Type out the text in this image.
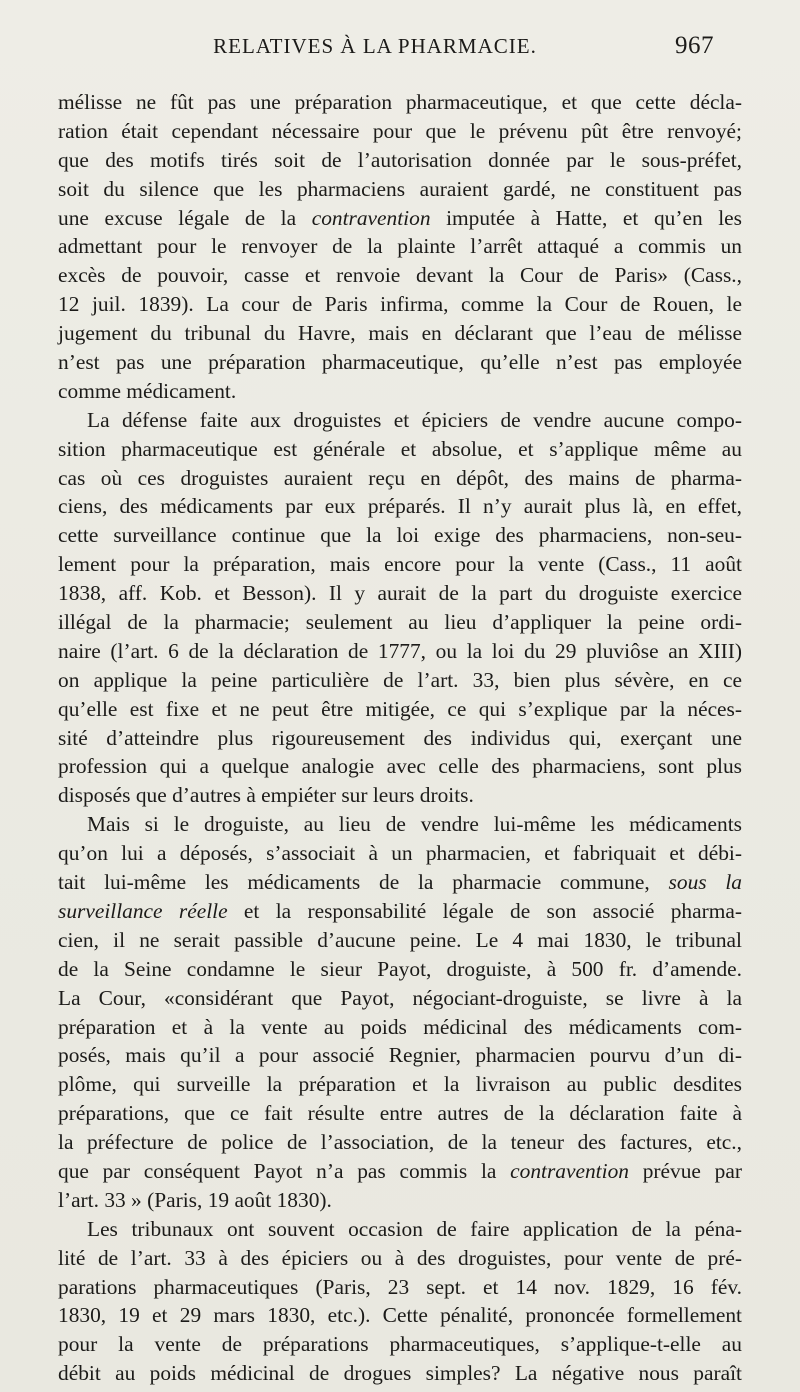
RELATIVES À LA PHARMACIE.	967
mélisse ne fût pas une préparation pharmaceutique, et que cette décla-
ration était cependant nécessaire pour que le prévenu pût être renvoyé;
que des motifs tirés soit de l’autorisation donnée par le sous-préfet,
soit du silence que les pharmaciens auraient gardé, ne constituent pas
une excuse légale de la contravention imputée à Hatte, et qu’en les
admettant pour le renvoyer de la plainte l’arrêt attaqué a commis un
excès de pouvoir, casse et renvoie devant la Cour de Paris» (Cass.,
12 juil. 1839). La cour de Paris infirma, comme la Cour de Rouen, le
jugement du tribunal du Havre, mais en déclarant que l’eau de mélisse
n’est pas une préparation pharmaceutique, qu’elle n’est pas employée
comme médicament.
La défense faite aux droguistes et épiciers de vendre aucune compo-
sition pharmaceutique est générale et absolue, et s’applique même au
cas où ces droguistes auraient reçu en dépôt, des mains de pharma-
ciens, des médicaments par eux préparés. Il n’y aurait plus là, en effet,
cette surveillance continue que la loi exige des pharmaciens, non-seu-
lement pour la préparation, mais encore pour la vente (Cass., 11 août
1838, aff. Kob. et Besson). Il y aurait de la part du droguiste exercice
illégal de la pharmacie; seulement au lieu d’appliquer la peine ordi-
naire (l’art. 6 de la déclaration de 1777, ou la loi du 29 pluviôse an XIII)
on applique la peine particulière de l’art. 33, bien plus sévère, en ce
qu’elle est fixe et ne peut être mitigée, ce qui s’explique par la néces-
sité d’atteindre plus rigoureusement des individus qui, exerçant une
profession qui a quelque analogie avec celle des pharmaciens, sont plus
disposés que d’autres à empiéter sur leurs droits.
Mais si le droguiste, au lieu de vendre lui-même les médicaments
qu’on lui a déposés, s’associait à un pharmacien, et fabriquait et débi-
tait lui-même les médicaments de la pharmacie commune, sous la
surveillance réelle et la responsabilité légale de son associé pharma-
cien, il ne serait passible d’aucune peine. Le 4 mai 1830, le tribunal
de la Seine condamne le sieur Payot, droguiste, à 500 fr. d’amende.
La Cour, «considérant que Payot, négociant-droguiste, se livre à la
préparation et à la vente au poids médicinal des médicaments com-
posés, mais qu’il a pour associé Regnier, pharmacien pourvu d’un di-
plôme, qui surveille la préparation et la livraison au public desdites
préparations, que ce fait résulte entre autres de la déclaration faite à
la préfecture de police de l’association, de la teneur des factures, etc.,
que par conséquent Payot n’a pas commis la contravention prévue par
l’art. 33 » (Paris, 19 août 1830).
Les tribunaux ont souvent occasion de faire application de la péna-
lité de l’art. 33 à des épiciers ou à des droguistes, pour vente de pré-
parations pharmaceutiques (Paris, 23 sept. et 14 nov. 1829, 16 fév.
1830, 19 et 29 mars 1830, etc.). Cette pénalité, prononcée formellement
pour la vente de préparations pharmaceutiques, s’applique-t-elle au
débit au poids médicinal de drogues simples? La négative nous paraît
